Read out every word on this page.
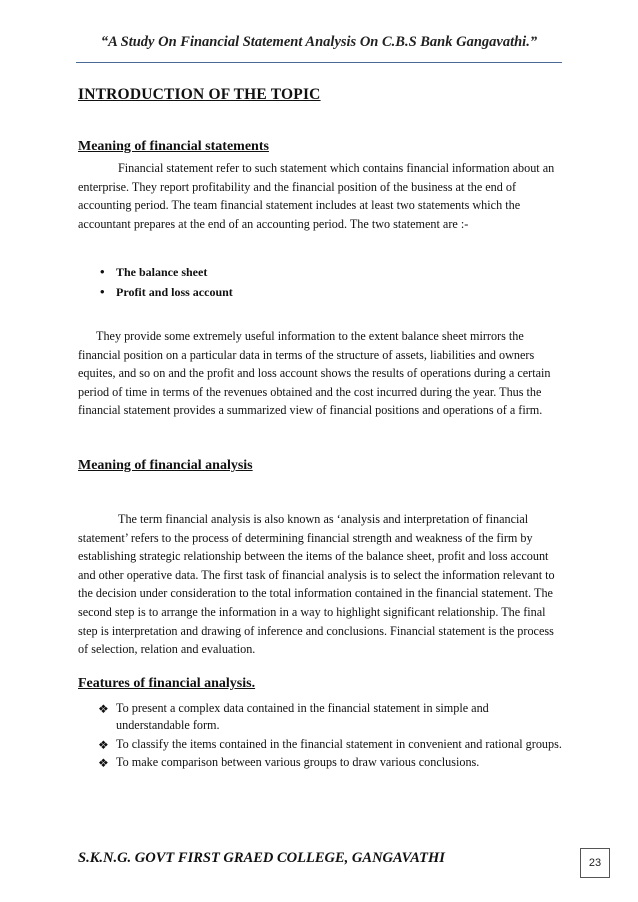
“A Study On Financial Statement Analysis On C.B.S Bank Gangavathi.”
INTRODUCTION OF THE TOPIC
Meaning of financial statements
Financial statement refer to such statement which contains financial information about an enterprise. They report profitability and the financial position of the business at the end of accounting period. The team financial statement includes at least two statements which the accountant prepares at the end of an accounting period. The two statement are :-
• The balance sheet
• Profit and loss account
They provide some extremely useful information to the extent balance sheet mirrors the financial position on a particular data in terms of the structure of assets, liabilities and owners equites, and so on and the profit and loss account shows the results of operations during a certain period of time in terms of the revenues obtained and the cost incurred during the year. Thus the financial statement provides a summarized view of financial positions and operations of a firm.
Meaning of financial analysis
The term financial analysis is also known as ‘analysis and interpretation of financial statement’ refers to the process of determining financial strength and weakness of the firm by establishing strategic relationship between the items of the balance sheet, profit and loss account and other operative data. The first task of financial analysis is to select the information relevant to the decision under consideration to the total information contained in the financial statement. The second step is to arrange the information in a way to highlight significant relationship. The final step is interpretation and drawing of inference and conclusions. Financial statement is the process of selection, relation and evaluation.
Features of financial analysis.
❖ To present a complex data contained in the financial statement in simple and understandable form.
❖ To classify the items contained in the financial statement in convenient and rational groups.
❖ To make comparison between various groups to draw various conclusions.
S.K.N.G. GOVT FIRST GRAED COLLEGE, GANGAVATHI	23
